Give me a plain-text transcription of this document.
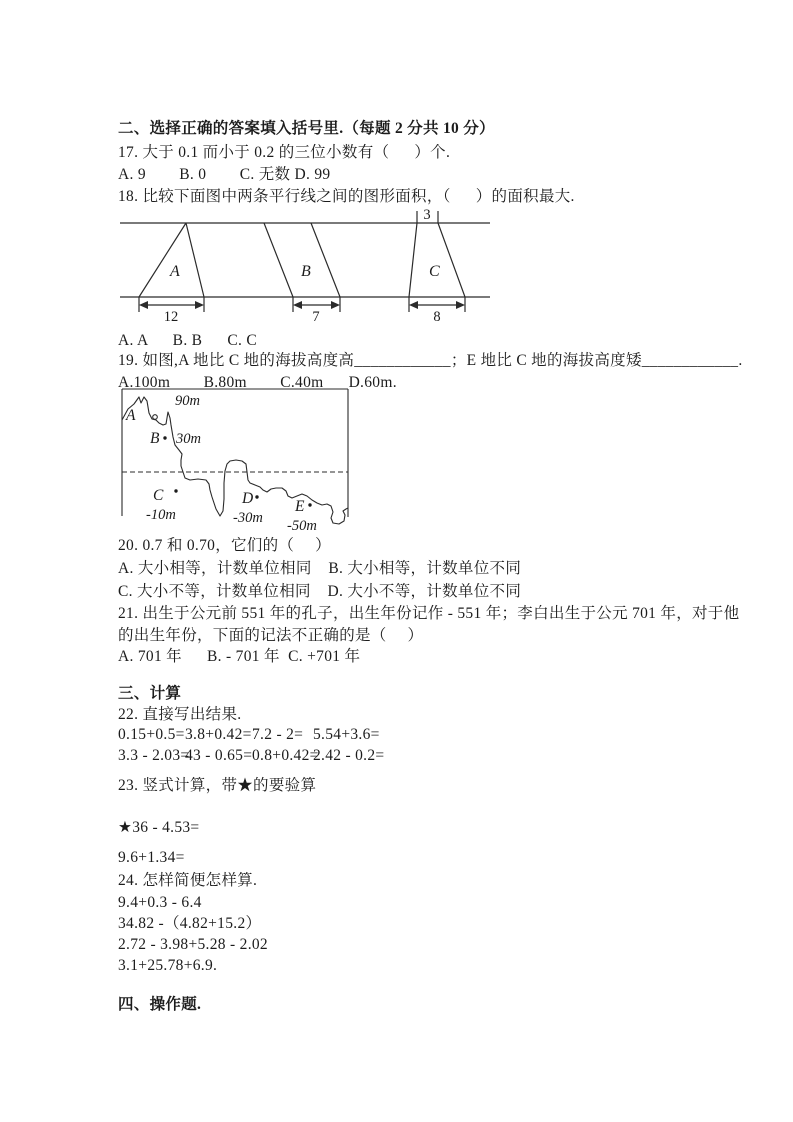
二、选择正确的答案填入括号里.（每题 2 分共 10 分）
17. 大于 0.1 而小于 0.2 的三位小数有（      ）个.
A. 9        B. 0        C. 无数 D. 99
18. 比较下面图中两条平行线之间的图形面积，（      ）的面积最大.
A	B	C
12	7
3
8
A. A      B. B      C. C
19. 如图,A 地比 C 地的海拔高度高____________；E 地比 C 地的海拔高度矮____________.
A.100m        B.80m        C.40m      D.60m.
A
B
C	D	E
90m
30m
-10m	-30m -50m
20. 0.7 和 0.70，它们的（     ）
A. 大小相等，计数单位相同    B. 大小相等，计数单位不同
C. 大小不等，计数单位相同    D. 大小不等，计数单位不同
21. 出生于公元前 551 年的孔子，出生年份记作 - 551 年；李白出生于公元 701 年，对于他
的出生年份，下面的记法不正确的是（     ）
A. 701 年      B. - 701 年  C. +701 年
三、计算
22. 直接写出结果.
0.15+0.5= 3.8+0.42= 7.2 - 2= 5.54+3.6=
3.3 - 2.03=
43 - 0.65= 0.8+0.42=
2.42 - 0.2=
23. 竖式计算，带★的要验算
★36 - 4.53=
9.6+1.34=
24. 怎样简便怎样算.
9.4+0.3 - 6.4
34.82 -（4.82+15.2）
2.72 - 3.98+5.28 - 2.02
3.1+25.78+6.9.
四、操作题.
